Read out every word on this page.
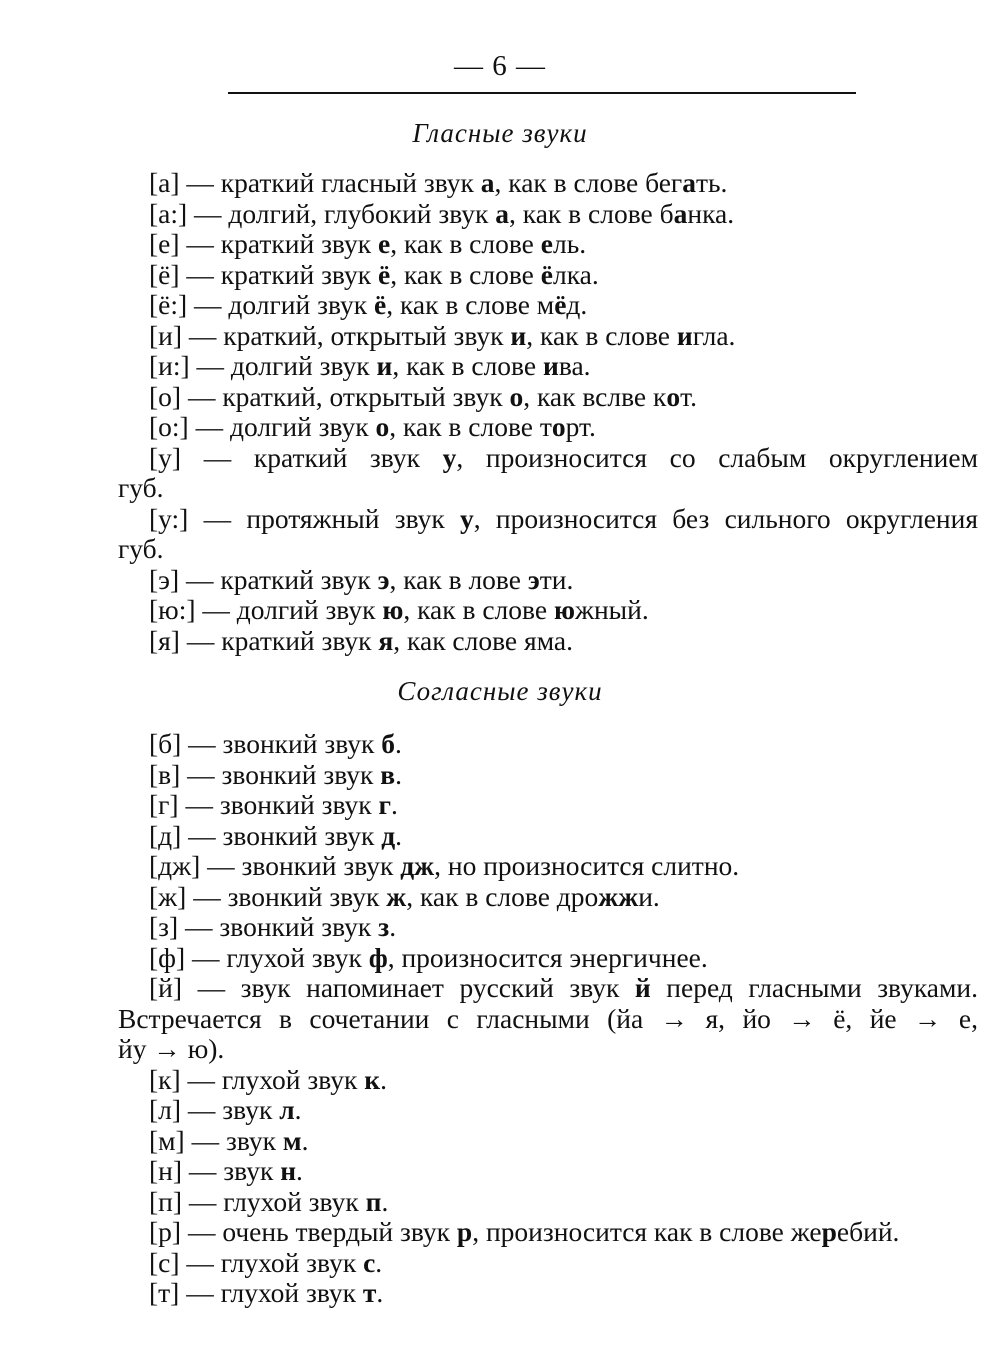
— 6 —
Гласные звуки
[а] — краткий гласный звук а, как в слове бегать.
[а:] — долгий, глубокий звук а, как в слове банка.
[е] — краткий звук е, как в слове ель.
[ё] — краткий звук ё, как в слове ёлка.
[ё:] — долгий звук ё, как в слове мёд.
[и] — краткий, открытый звук и, как в слове игла.
[и:] — долгий звук и, как в слове ива.
[о] — краткий, открытый звук о, как вслве кот.
[о:] — долгий звук о, как в слове торт.
[у] — краткий звук у, произносится со слабым округлением
губ.
[у:] — протяжный звук у, произносится без сильного округления
губ.
[э] — краткий звук э, как в лове эти.
[ю:] — долгий звук ю, как в слове южный.
[я] — краткий звук я, как слове яма.
Согласные звуки
[б] — звонкий звук б.
[в] — звонкий звук в.
[г] — звонкий звук г.
[д] — звонкий звук д.
[дж] — звонкий звук дж, но произносится слитно.
[ж] — звонкий звук ж, как в слове дрожжи.
[з] — звонкий звук з.
[ф] — глухой звук ф, произносится энергичнее.
[й] — звук напоминает русский звук й перед гласными звуками.
Встречается в сочетании с гласными (йа → я, йо → ё, йе → е,
йу → ю).
[к] — глухой звук к.
[л] — звук л.
[м] — звук м.
[н] — звук н.
[п] — глухой звук п.
[р] — очень твердый звук р, произносится как в слове жеребий.
[с] — глухой звук с.
[т] — глухой звук т.
